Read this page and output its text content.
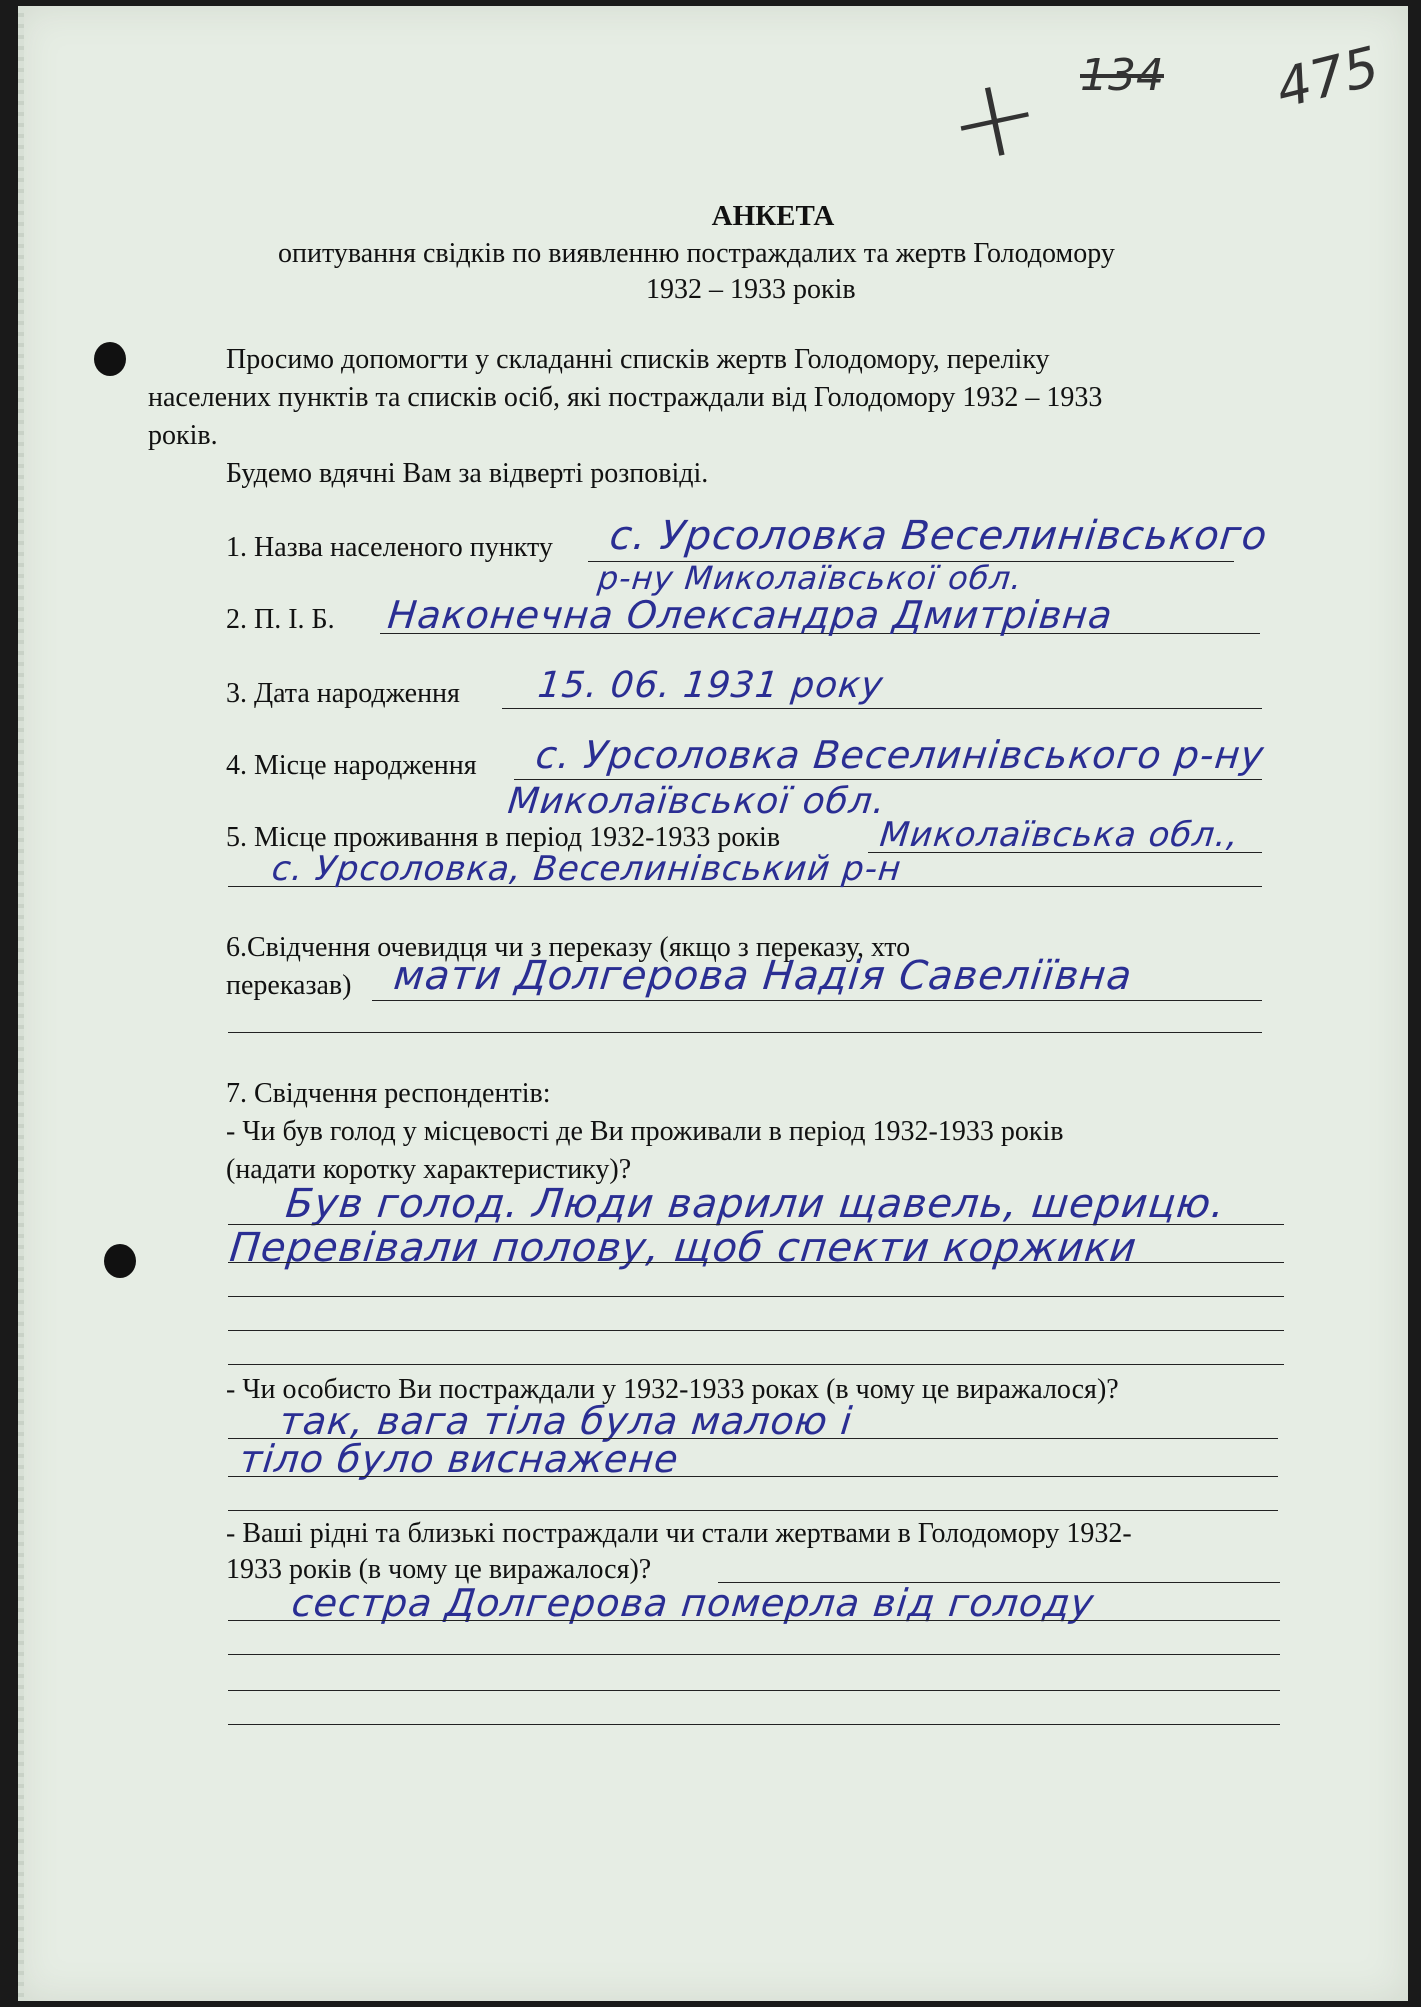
+ 134 475
АНКЕТА
опитування свідків по виявленню постраждалих та жертв Голодомору
1932 – 1933 років
Просимо допомогти у складанні списків жертв Голодомору, переліку
населених пунктів та списків осіб, які постраждали від Голодомору 1932 – 1933
років.
Будемо вдячні Вам за відверті розповіді.
1. Назва населеного пункту с. Урсоловка Веселинівського
р-ну Миколаївської обл.
2. П. І. Б. Наконечна Олександра Дмитрівна
3. Дата народження 15. 06. 1931 року
4. Місце народження с. Урсоловка Веселинівського р-ну
Миколаївської обл.
5. Місце проживання в період 1932-1933 років	Миколаївська обл.,
с. Урсоловка, Веселинівський р-н
6.Свідчення очевидця чи з переказу (якщо з переказу, хто
переказав) мати Долгерова Надія Савеліївна
7. Свідчення респондентів:
- Чи був голод у місцевості де Ви проживали в період 1932-1933 років
(надати коротку характеристику)?
Був голод. Люди варили щавель, шерицю.
Перевівали полову, щоб спекти коржики
- Чи особисто Ви постраждали у 1932-1933 роках (в чому це виражалося)?
так, вага тіла була малою і
тіло було виснажене
- Ваші рідні та близькі постраждали чи стали жертвами в Голодомору 1932-
1933 років (в чому це виражалося)?
сестра Долгерова померла від голоду
